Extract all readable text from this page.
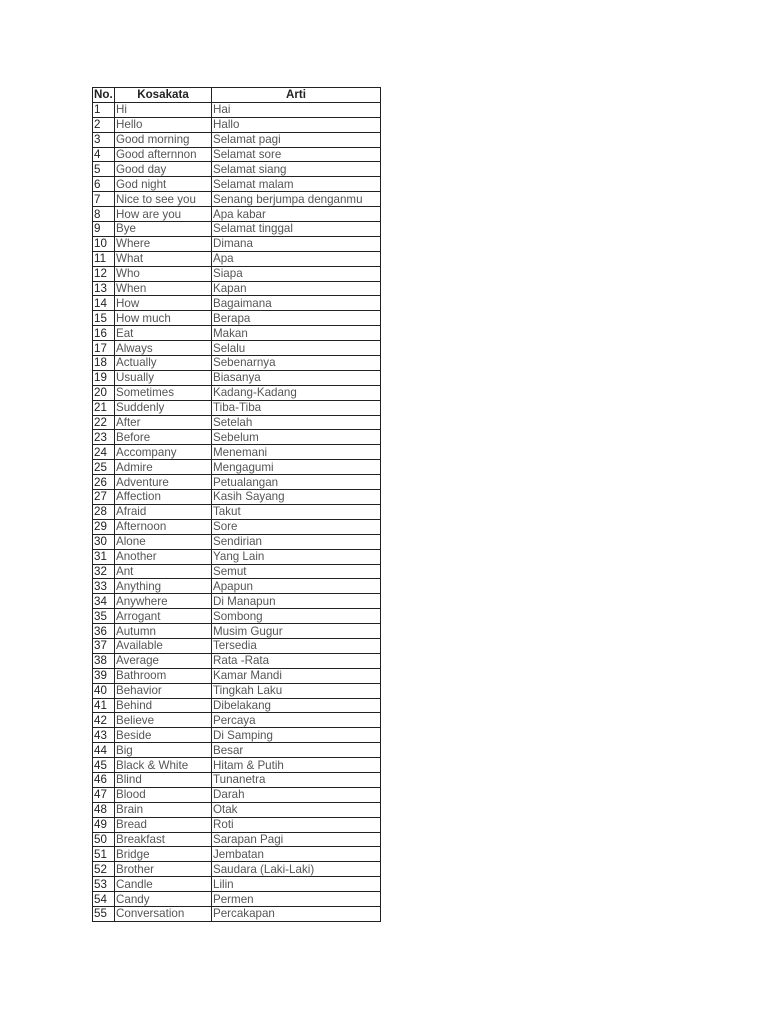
No.	Kosakata	Arti
1	Hi	Hai
2	Hello	Hallo
3	Good morning	Selamat pagi
4	Good afternnon	Selamat sore
5	Good day	Selamat siang
6	God night	Selamat malam
7	Nice to see you	Senang berjumpa denganmu
8	How are you	Apa kabar
9	Bye	Selamat tinggal
10	Where	Dimana
11	What	Apa
12	Who	Siapa
13	When	Kapan
14	How	Bagaimana
15	How much	Berapa
16	Eat	Makan
17	Always	Selalu
18	Actually	Sebenarnya
19	Usually	Biasanya
20	Sometimes	Kadang-Kadang
21	Suddenly	Tiba-Tiba
22	After	Setelah
23	Before	Sebelum
24	Accompany	Menemani
25	Admire	Mengagumi
26	Adventure	Petualangan
27	Affection	Kasih Sayang
28	Afraid	Takut
29	Afternoon	Sore
30	Alone	Sendirian
31	Another	Yang Lain
32	Ant	Semut
33	Anything	Apapun
34	Anywhere	Di Manapun
35	Arrogant	Sombong
36	Autumn	Musim Gugur
37	Available	Tersedia
38	Average	Rata -Rata
39	Bathroom	Kamar Mandi
40	Behavior	Tingkah Laku
41	Behind	Dibelakang
42	Believe	Percaya
43	Beside	Di Samping
44	Big	Besar
45	Black & White	Hitam & Putih
46	Blind	Tunanetra
47	Blood	Darah
48	Brain	Otak
49	Bread	Roti
50	Breakfast	Sarapan Pagi
51	Bridge	Jembatan
52	Brother	Saudara (Laki-Laki)
53	Candle	Lilin
54	Candy	Permen
55	Conversation	Percakapan
